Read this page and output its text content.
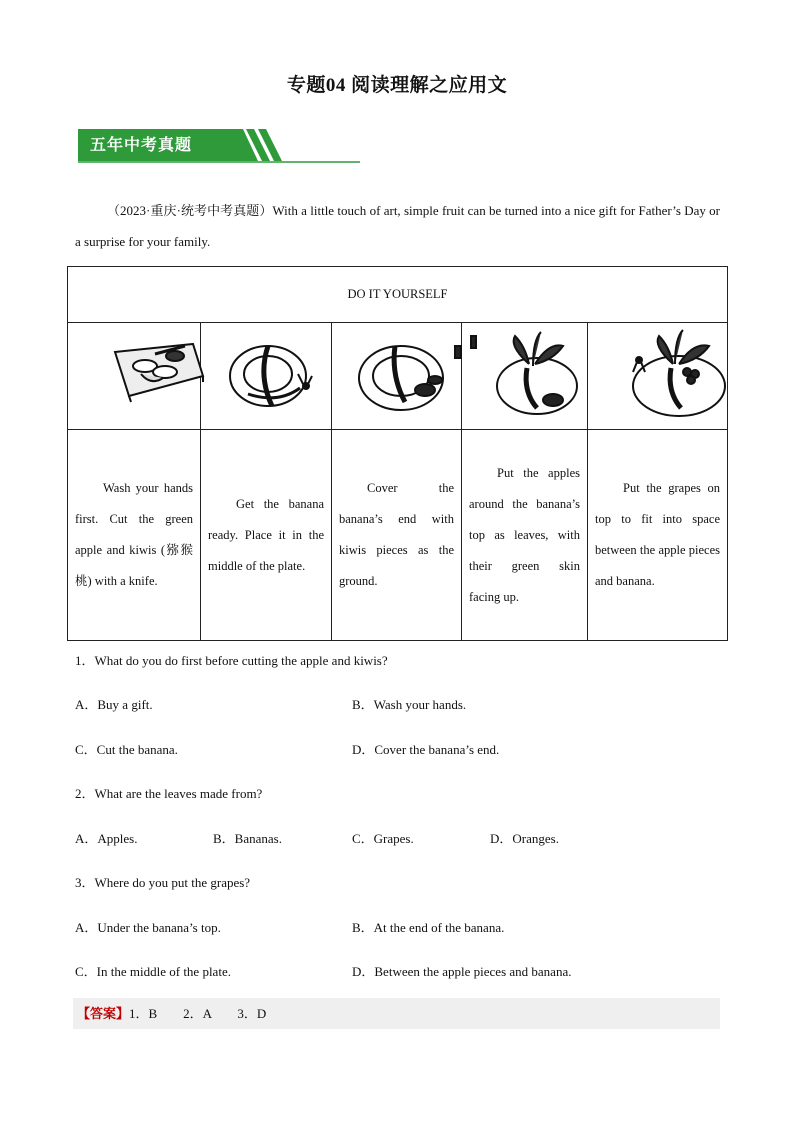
专题04 阅读理解之应用文
五年中考真题
（2023·重庆·统考中考真题）With a little touch of art, simple fruit can be turned into a nice gift for Father’s Day or a surprise for your family.
DO IT YOURSELF				

Wash your hands first. Cut the green apple and kiwis (猕猴桃) with a knife.	Get the banana ready. Place it in the middle of the plate.	Cover the banana’s end with kiwis pieces as the ground.	Put the apples around the banana’s top as leaves, with their green skin facing up.	Put the grapes on top to fit into space between the apple pieces and banana.
1．What do you do first before cutting the apple and kiwis?
A．Buy a gift.	B．Wash your hands.
C．Cut the banana.	D．Cover the banana’s end.
2．What are the leaves made from?
A．Apples.	B．Bananas.	C．Grapes.	D．Oranges.
3．Where do you put the grapes?
A．Under the banana’s top.	B．At the end of the banana.
C．In the middle of the plate.	D．Between the apple pieces and banana.
【答案】1．B　　2．A　　3．D
